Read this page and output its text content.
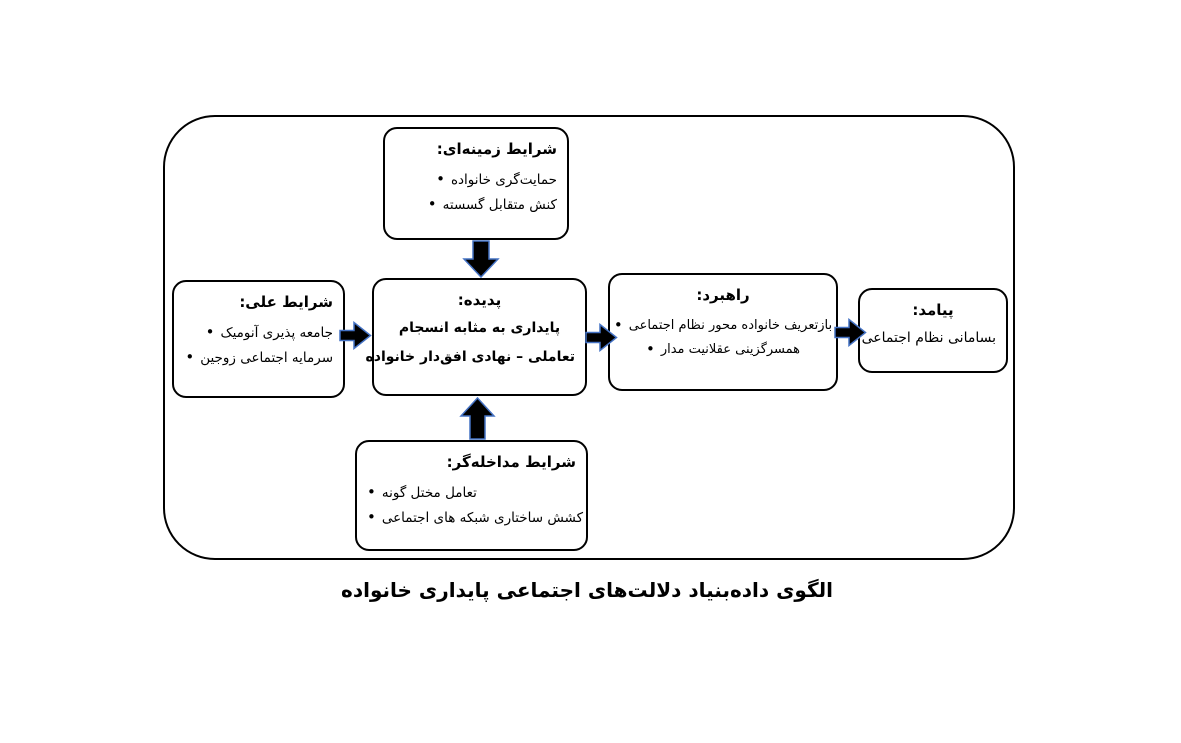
شرایط زمینه‌ای:
• حمایت‌گری خانواده
• کنش متقابل گسسته
شرایط علی:
• جامعه پذیری آنومیک
• سرمایه اجتماعی زوجین
پدیده:
پایداری به مثابه انسجام
تعاملی – نهادی افق‌دار خانواده
راهبرد:
• بازتعریف خانواده محور نظام اجتماعی
• همسرگزینی عقلانیت مدار
پیامد:
بسامانی نظام اجتماعی
شرایط مداخله‌گر:
• تعامل مختل گونه
• کشش ساختاری شبکه های اجتماعی
الگوی داده‌بنیاد دلالت‌های اجتماعی پایداری خانواده
